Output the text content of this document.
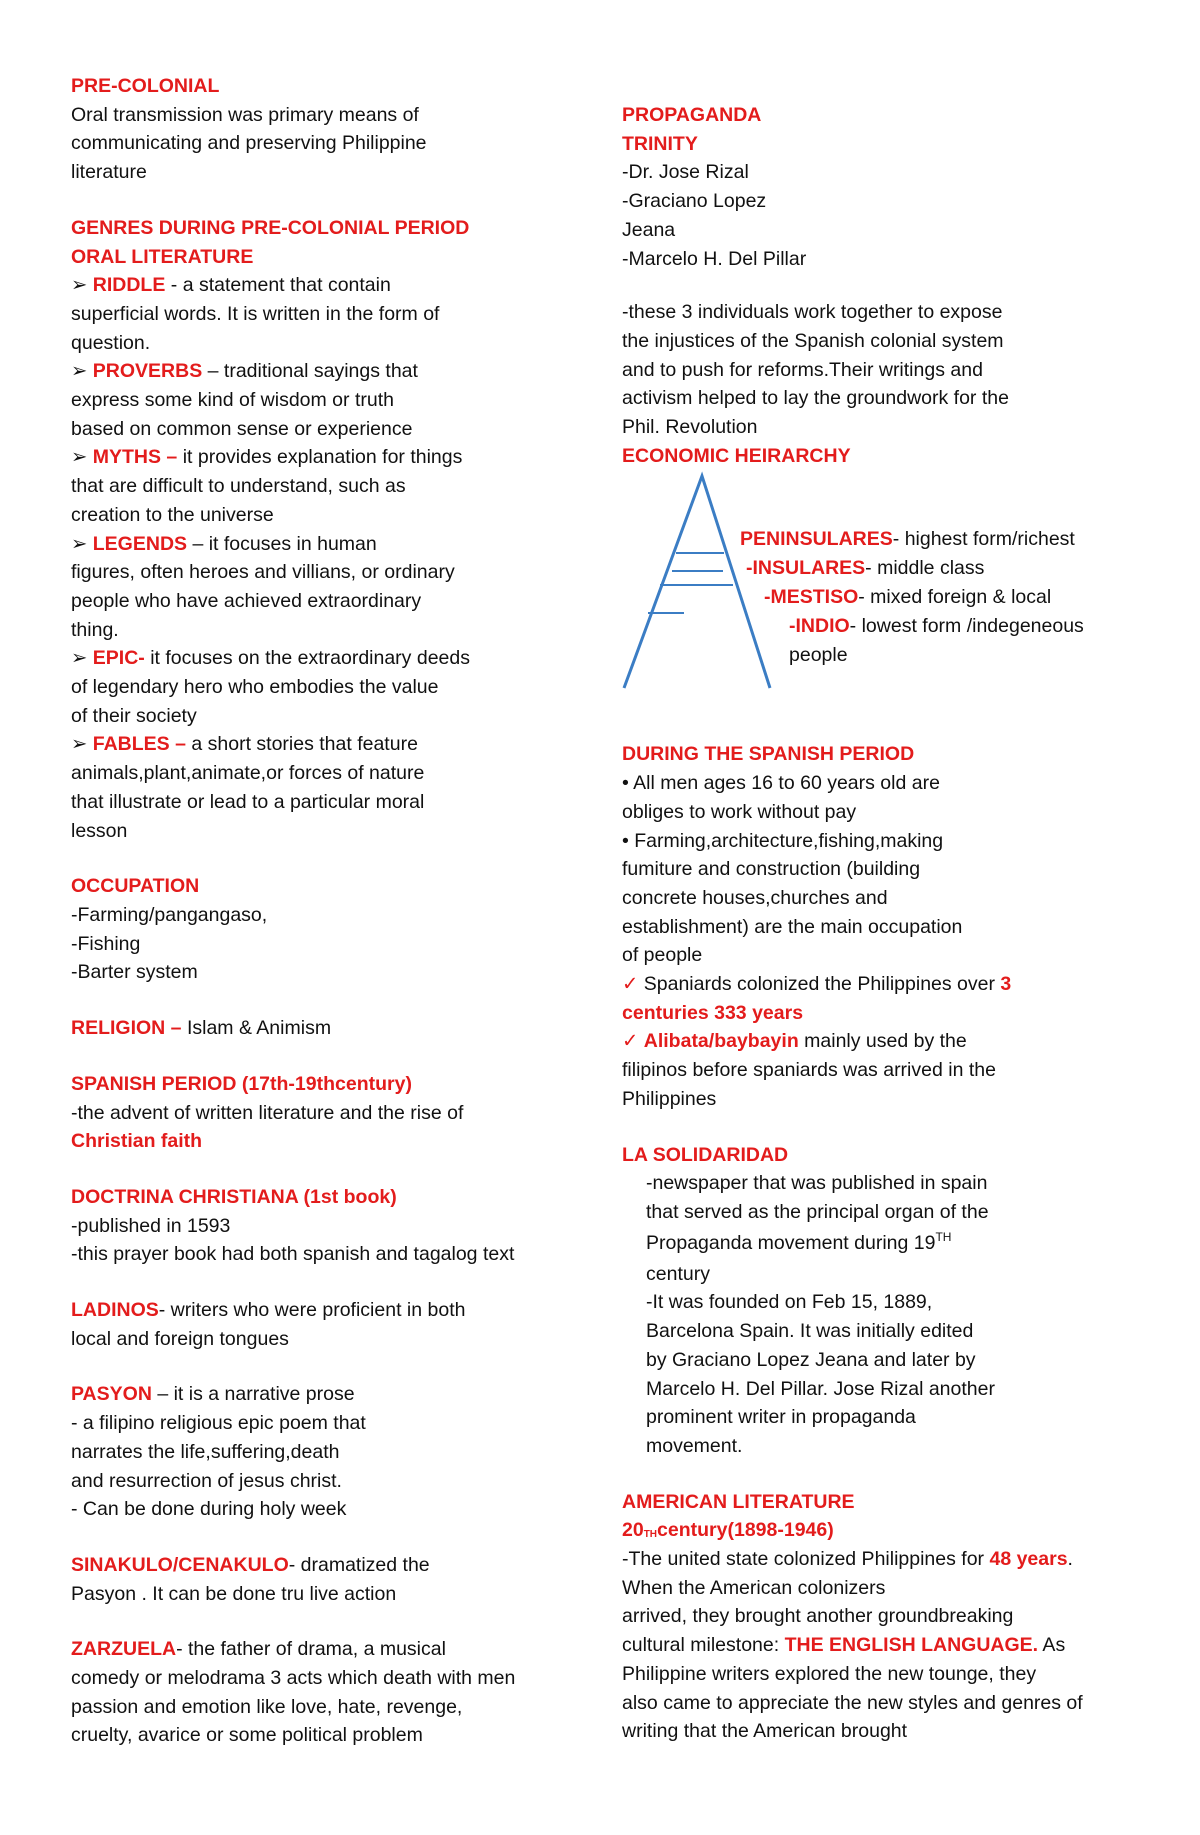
PRE-COLONIAL

Oral transmission was primary means of

communicating and preserving Philippine

literature

GENRES DURING PRE-COLONIAL PERIOD

ORAL LITERATURE

➢ RIDDLE - a statement that contain

superficial words. It is written in the form of

question.

➢ PROVERBS – traditional sayings that

express some kind of wisdom or truth

based on common sense or experience

➢ MYTHS – it provides explanation for things

that are difficult to understand, such as

creation to the universe

➢ LEGENDS – it focuses in human

figures, often heroes and villians, or ordinary

people who have achieved extraordinary

thing.

➢ EPIC- it focuses on the extraordinary deeds

of legendary hero who embodies the value

of their society

➢ FABLES – a short stories that feature

animals,plant,animate,or forces of nature

that illustrate or lead to a particular moral

lesson

OCCUPATION

-Farming/pangangaso,

-Fishing

-Barter system

RELIGION – Islam & Animism

SPANISH PERIOD (17th-19thcentury)

-the advent of written literature and the rise of

Christian faith

DOCTRINA CHRISTIANA (1st book)

-published in 1593

-this prayer book had both spanish and tagalog text

LADINOS- writers who were proficient in both

local and foreign tongues

PASYON – it is a narrative prose

- a filipino religious epic poem that

narrates the life,suffering,death

and resurrection of jesus christ.

- Can be done during holy week

SINAKULO/CENAKULO- dramatized the

Pasyon . It can be done tru live action

ZARZUELA- the father of drama, a musical

comedy or melodrama 3 acts which death with men

passion and emotion like love, hate, revenge,

cruelty, avarice or some political problem

PROPAGANDA

TRINITY

-Dr. Jose Rizal

-Graciano Lopez

Jeana

-Marcelo H. Del Pillar

-these 3 individuals work together to expose

the injustices of the Spanish colonial system

and to push for reforms.Their writings and

activism helped to lay the groundwork for the

Phil. Revolution

ECONOMIC HEIRARCHY

PENINSULARES- highest form/richest

-INSULARES- middle class

-MESTISO- mixed foreign & local

-INDIO- lowest form /indegeneous

people

DURING THE SPANISH PERIOD

• All men ages 16 to 60 years old are

obliges to work without pay

• Farming,architecture,fishing,making

fumiture and construction (building

concrete houses,churches and

establishment) are the main occupation

of people

✓ Spaniards colonized the Philippines over 3

centuries 333 years

✓ Alibata/baybayin mainly used by the

filipinos before spaniards was arrived in the

Philippines

LA SOLIDARIDAD

-newspaper that was published in spain

that served as the principal organ of the

Propaganda movement during 19TH

century

-It was founded on Feb 15, 1889,

Barcelona Spain. It was initially edited

by Graciano Lopez Jeana and later by

Marcelo H. Del Pillar. Jose Rizal another

prominent writer in propaganda

movement.

AMERICAN LITERATURE

$20_{TH}century(1898-1946)$

-The united state colonized Philippines for 48 years.

When the American colonizers

arrived, they brought another groundbreaking

cultural milestone: THE ENGLISH LANGUAGE. As

Philippine writers explored the new tounge, they

also came to appreciate the new styles and genres of

writing that the American brought
